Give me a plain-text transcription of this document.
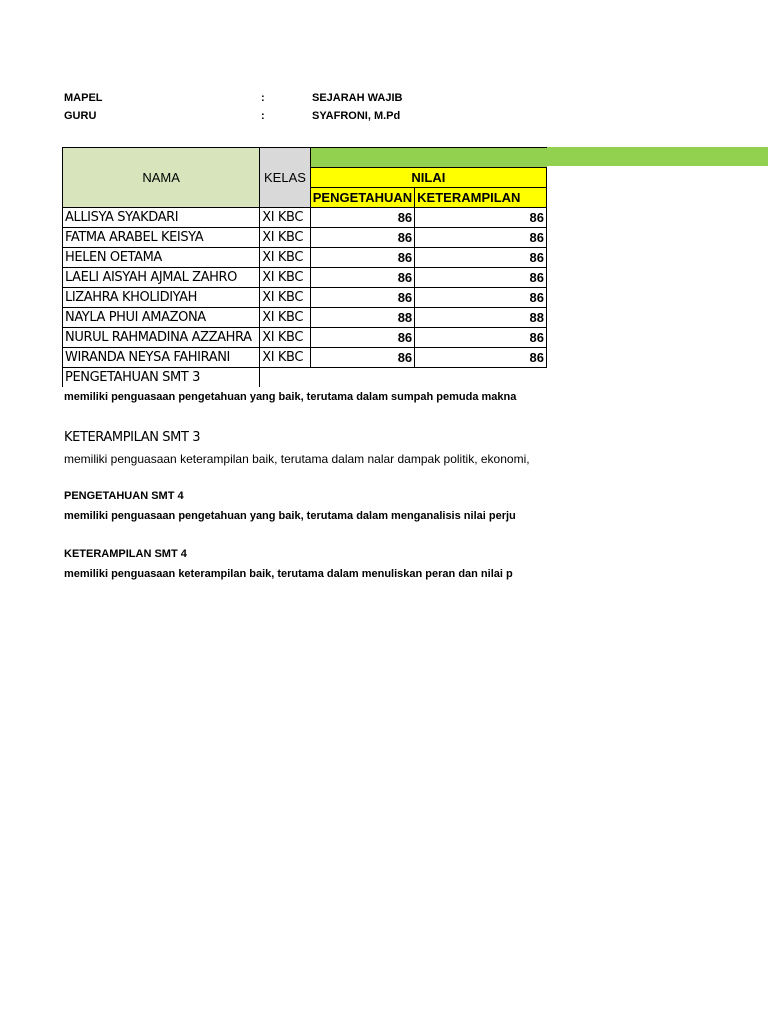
MAPEL	:	SEJARAH WAJIB
GURU	:	SYAFRONI, M.Pd
NAMA	KELAS		
		NILAI	
		PENGETAHUAN	KETERAMPILAN
ALLISYA SYAKDARI	XI KBC	86	86
FATMA ARABEL KEISYA	XI KBC	86	86
HELEN OETAMA	XI KBC	86	86
LAELI AISYAH AJMAL ZAHRO	XI KBC	86	86
LIZAHRA KHOLIDIYAH	XI KBC	86	86
NAYLA PHUI AMAZONA	XI KBC	88	88
NURUL RAHMADINA AZZAHRA	XI KBC	86	86
WIRANDA NEYSA FAHIRANI	XI KBC	86	86
PENGETAHUAN SMT 3			
memiliki penguasaan pengetahuan yang baik, terutama dalam sumpah pemuda makna
KETERAMPILAN SMT 3
memiliki penguasaan keterampilan baik, terutama dalam nalar dampak politik, ekonomi,
PENGETAHUAN SMT 4
memiliki penguasaan pengetahuan yang baik, terutama dalam menganalisis nilai perju
KETERAMPILAN SMT 4
memiliki penguasaan keterampilan baik, terutama dalam menuliskan peran dan nilai p
